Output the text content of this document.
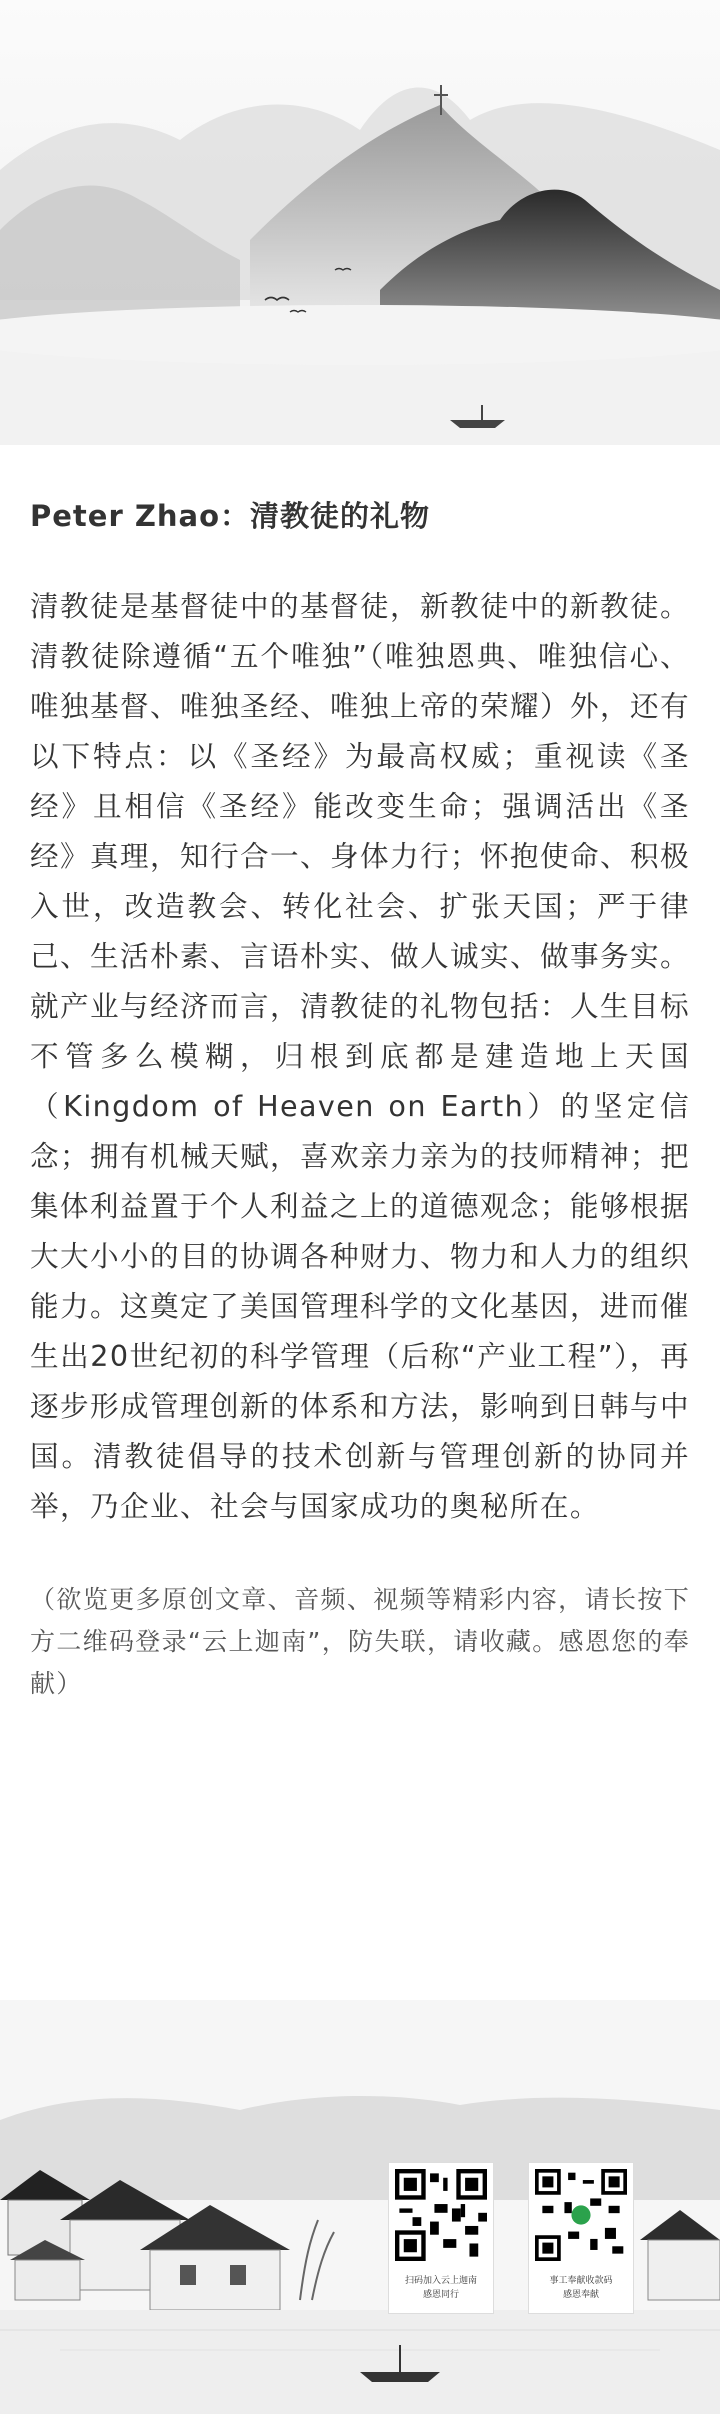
Peter Zhao：清教徒的礼物

清教徒是基督徒中的基督徒，新教徒中的新教徒。清教徒除遵循“五个唯独”（唯独恩典、唯独信心、唯独基督、唯独圣经、唯独上帝的荣耀）外，还有以下特点：以《圣经》为最高权威；重视读《圣经》且相信《圣经》能改变生命；强调活出《圣经》真理，知行合一、身体力行；怀抱使命、积极入世，改造教会、转化社会、扩张天国；严于律己、生活朴素、言语朴实、做人诚实、做事务实。就产业与经济而言，清教徒的礼物包括：人生目标不管多么模糊，归根到底都是建造地上天国（Kingdom of Heaven on Earth）的坚定信念；拥有机械天赋，喜欢亲力亲为的技师精神；把集体利益置于个人利益之上的道德观念；能够根据大大小小的目的协调各种财力、物力和人力的组织能力。这奠定了美国管理科学的文化基因，进而催生出20世纪初的科学管理（后称“产业工程”），再逐步形成管理创新的体系和方法，影响到日韩与中国。清教徒倡导的技术创新与管理创新的协同并举，乃企业、社会与国家成功的奥秘所在。

（欲览更多原创文章、音频、视频等精彩内容，请长按下方二维码登录“云上迦南”，防失联，请收藏。感恩您的奉献）

扫码加入云上迦南
感恩同行
事工奉献收款码
感恩奉献
